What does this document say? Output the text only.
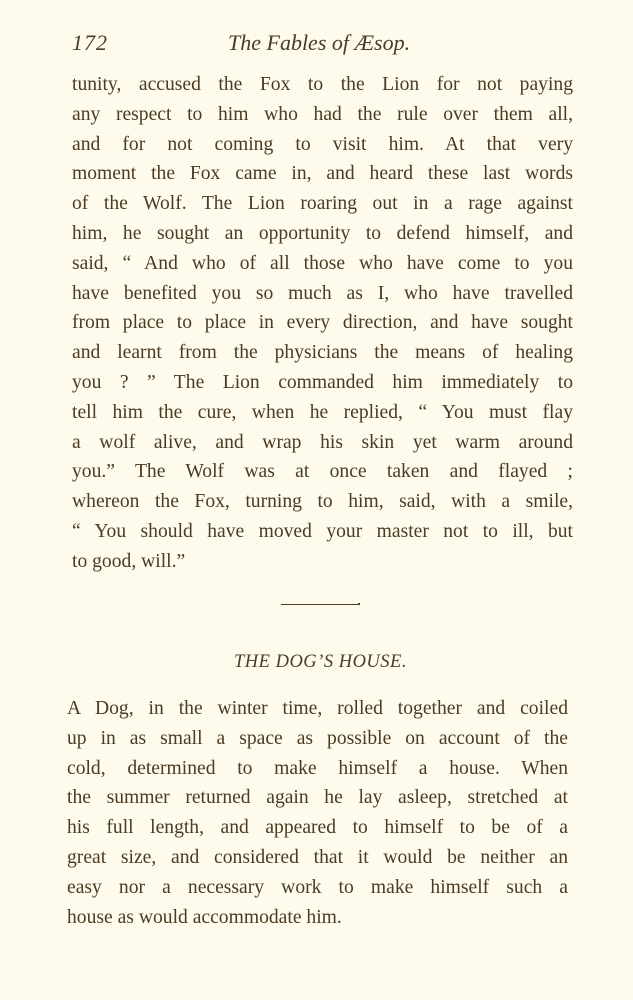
172	The Fables of Æsop.
tunity, accused the Fox to the Lion for not paying
any respect to him who had the rule over them all,
and for not coming to visit him. At that very
moment the Fox came in, and heard these last words
of the Wolf. The Lion roaring out in a rage against
him, he sought an opportunity to defend himself, and
said, “ And who of all those who have come to you
have benefited you so much as I, who have travelled
from place to place in every direction, and have sought
and learnt from the physicians the means of healing
you ? ” The Lion commanded him immediately to
tell him the cure, when he replied, “ You must flay
a wolf alive, and wrap his skin yet warm around
you.” The Wolf was at once taken and flayed ;
whereon the Fox, turning to him, said, with a smile,
“ You should have moved your master not to ill, but
to good, will.”
THE DOG’S HOUSE.
A Dog, in the winter time, rolled together and coiled
up in as small a space as possible on account of the
cold, determined to make himself a house. When
the summer returned again he lay asleep, stretched at
his full length, and appeared to himself to be of a
great size, and considered that it would be neither an
easy nor a necessary work to make himself such a
house as would accommodate him.
